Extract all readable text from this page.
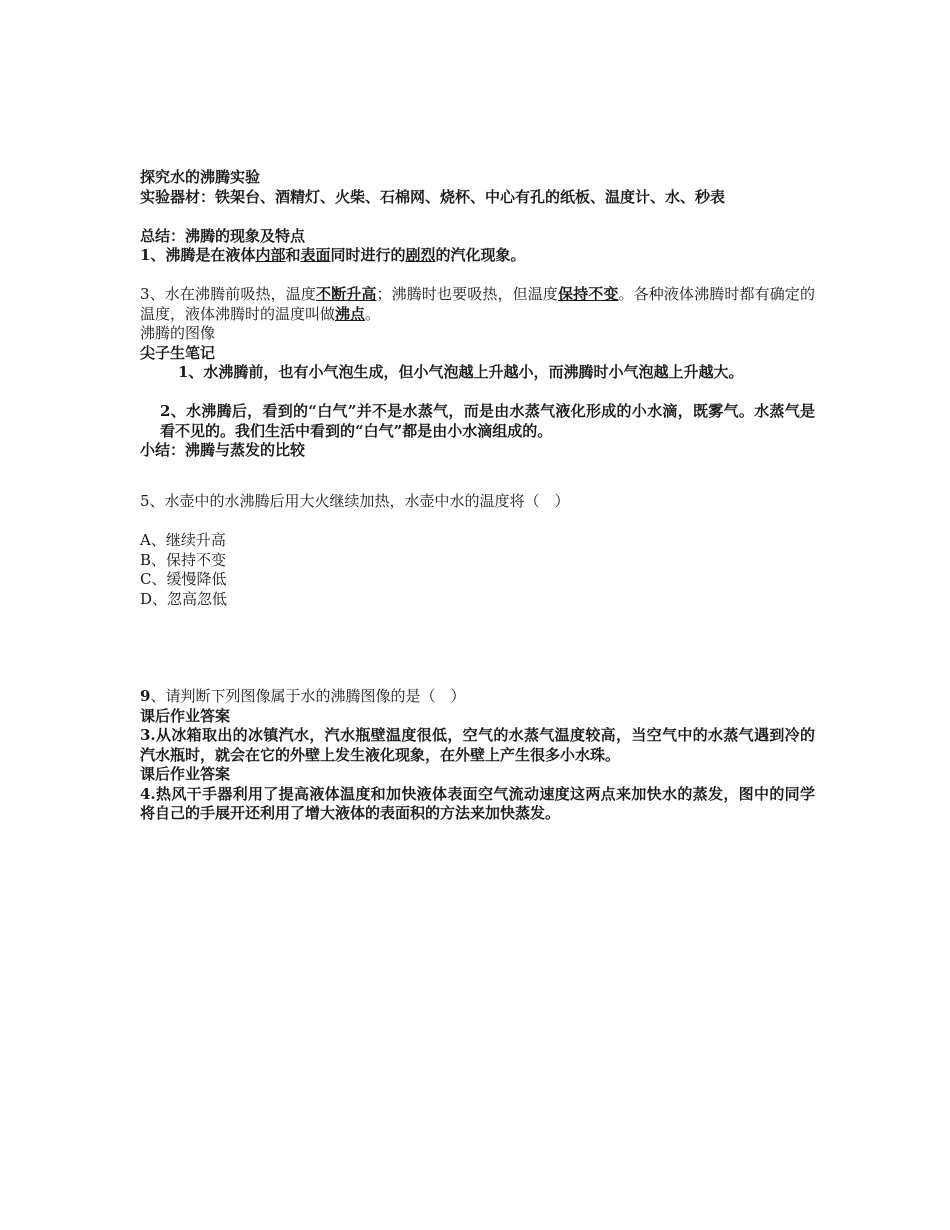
探究水的沸腾实验

实验器材：铁架台、酒精灯、火柴、石棉网、烧杯、中心有孔的纸板、温度计、水、秒表

总结：沸腾的现象及特点

1、沸腾是在液体内部和表面同时进行的剧烈的汽化现象。

3、水在沸腾前吸热，温度不断升高；沸腾时也要吸热，但温度保持不变。各种液体沸腾时都有确定的温度，液体沸腾时的温度叫做沸点。

沸腾的图像

尖子生笔记

1、水沸腾前，也有小气泡生成，但小气泡越上升越小，而沸腾时小气泡越上升越大。

2、水沸腾后，看到的“白气”并不是水蒸气，而是由水蒸气液化形成的小水滴，既雾气。水蒸气是看不见的。我们生活中看到的“白气”都是由小水滴组成的。

小结：沸腾与蒸发的比较

5、水壶中的水沸腾后用大火继续加热，水壶中水的温度将（　）

A、继续升高

B、保持不变

C、缓慢降低

D、忽高忽低

9、请判断下列图像属于水的沸腾图像的是（　）

课后作业答案

3.从冰箱取出的冰镇汽水，汽水瓶壁温度很低，空气的水蒸气温度较高，当空气中的水蒸气遇到冷的汽水瓶时，就会在它的外壁上发生液化现象，在外壁上产生很多小水珠。

课后作业答案

4.热风干手器利用了提高液体温度和加快液体表面空气流动速度这两点来加快水的蒸发，图中的同学将自己的手展开还利用了增大液体的表面积的方法来加快蒸发。
